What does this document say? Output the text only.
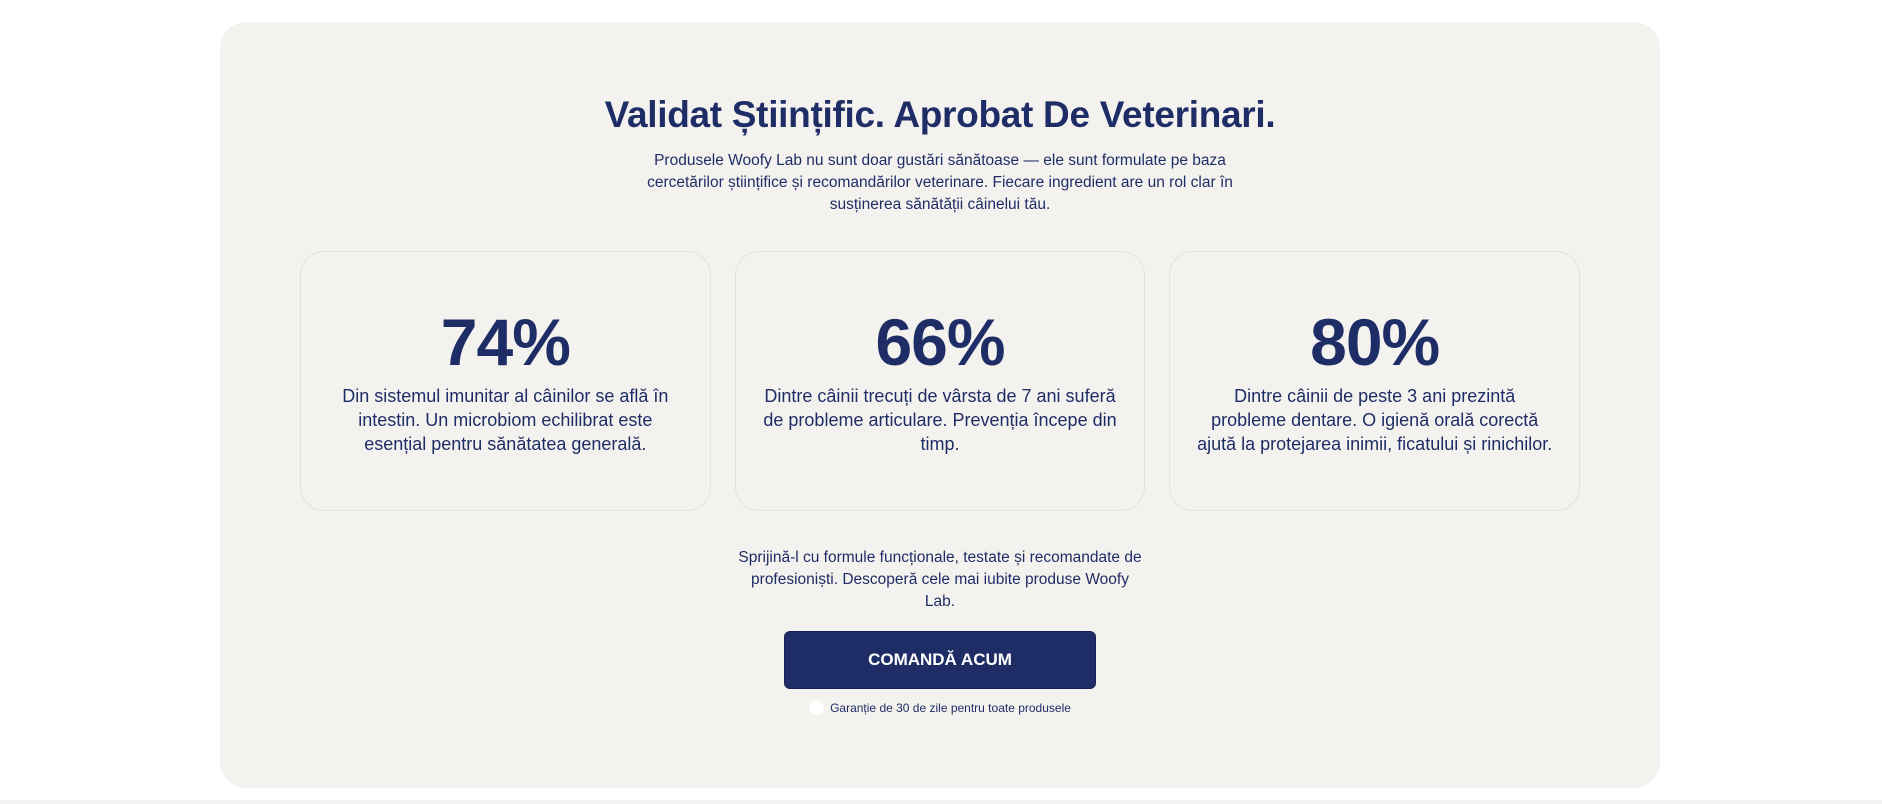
Validat Științific. Aprobat De Veterinari.

Produsele Woofy Lab nu sunt doar gustări sănătoase — ele sunt formulate pe baza cercetărilor științifice și recomandărilor veterinare. Fiecare ingredient are un rol clar în susținerea sănătății câinelui tău.

74%

Din sistemul imunitar al câinilor se află în intestin. Un microbiom echilibrat este esențial pentru sănătatea generală.

66%

Dintre câinii trecuți de vârsta de 7 ani suferă de probleme articulare. Prevenția începe din timp.

80%

Dintre câinii de peste 3 ani prezintă probleme dentare. O igienă orală corectă ajută la protejarea inimii, ficatului și rinichilor.

Sprijină-l cu formule funcționale, testate și recomandate de profesioniști. Descoperă cele mai iubite produse Woofy Lab.

COMANDĂ ACUM
Garanție de 30 de zile pentru toate produsele
